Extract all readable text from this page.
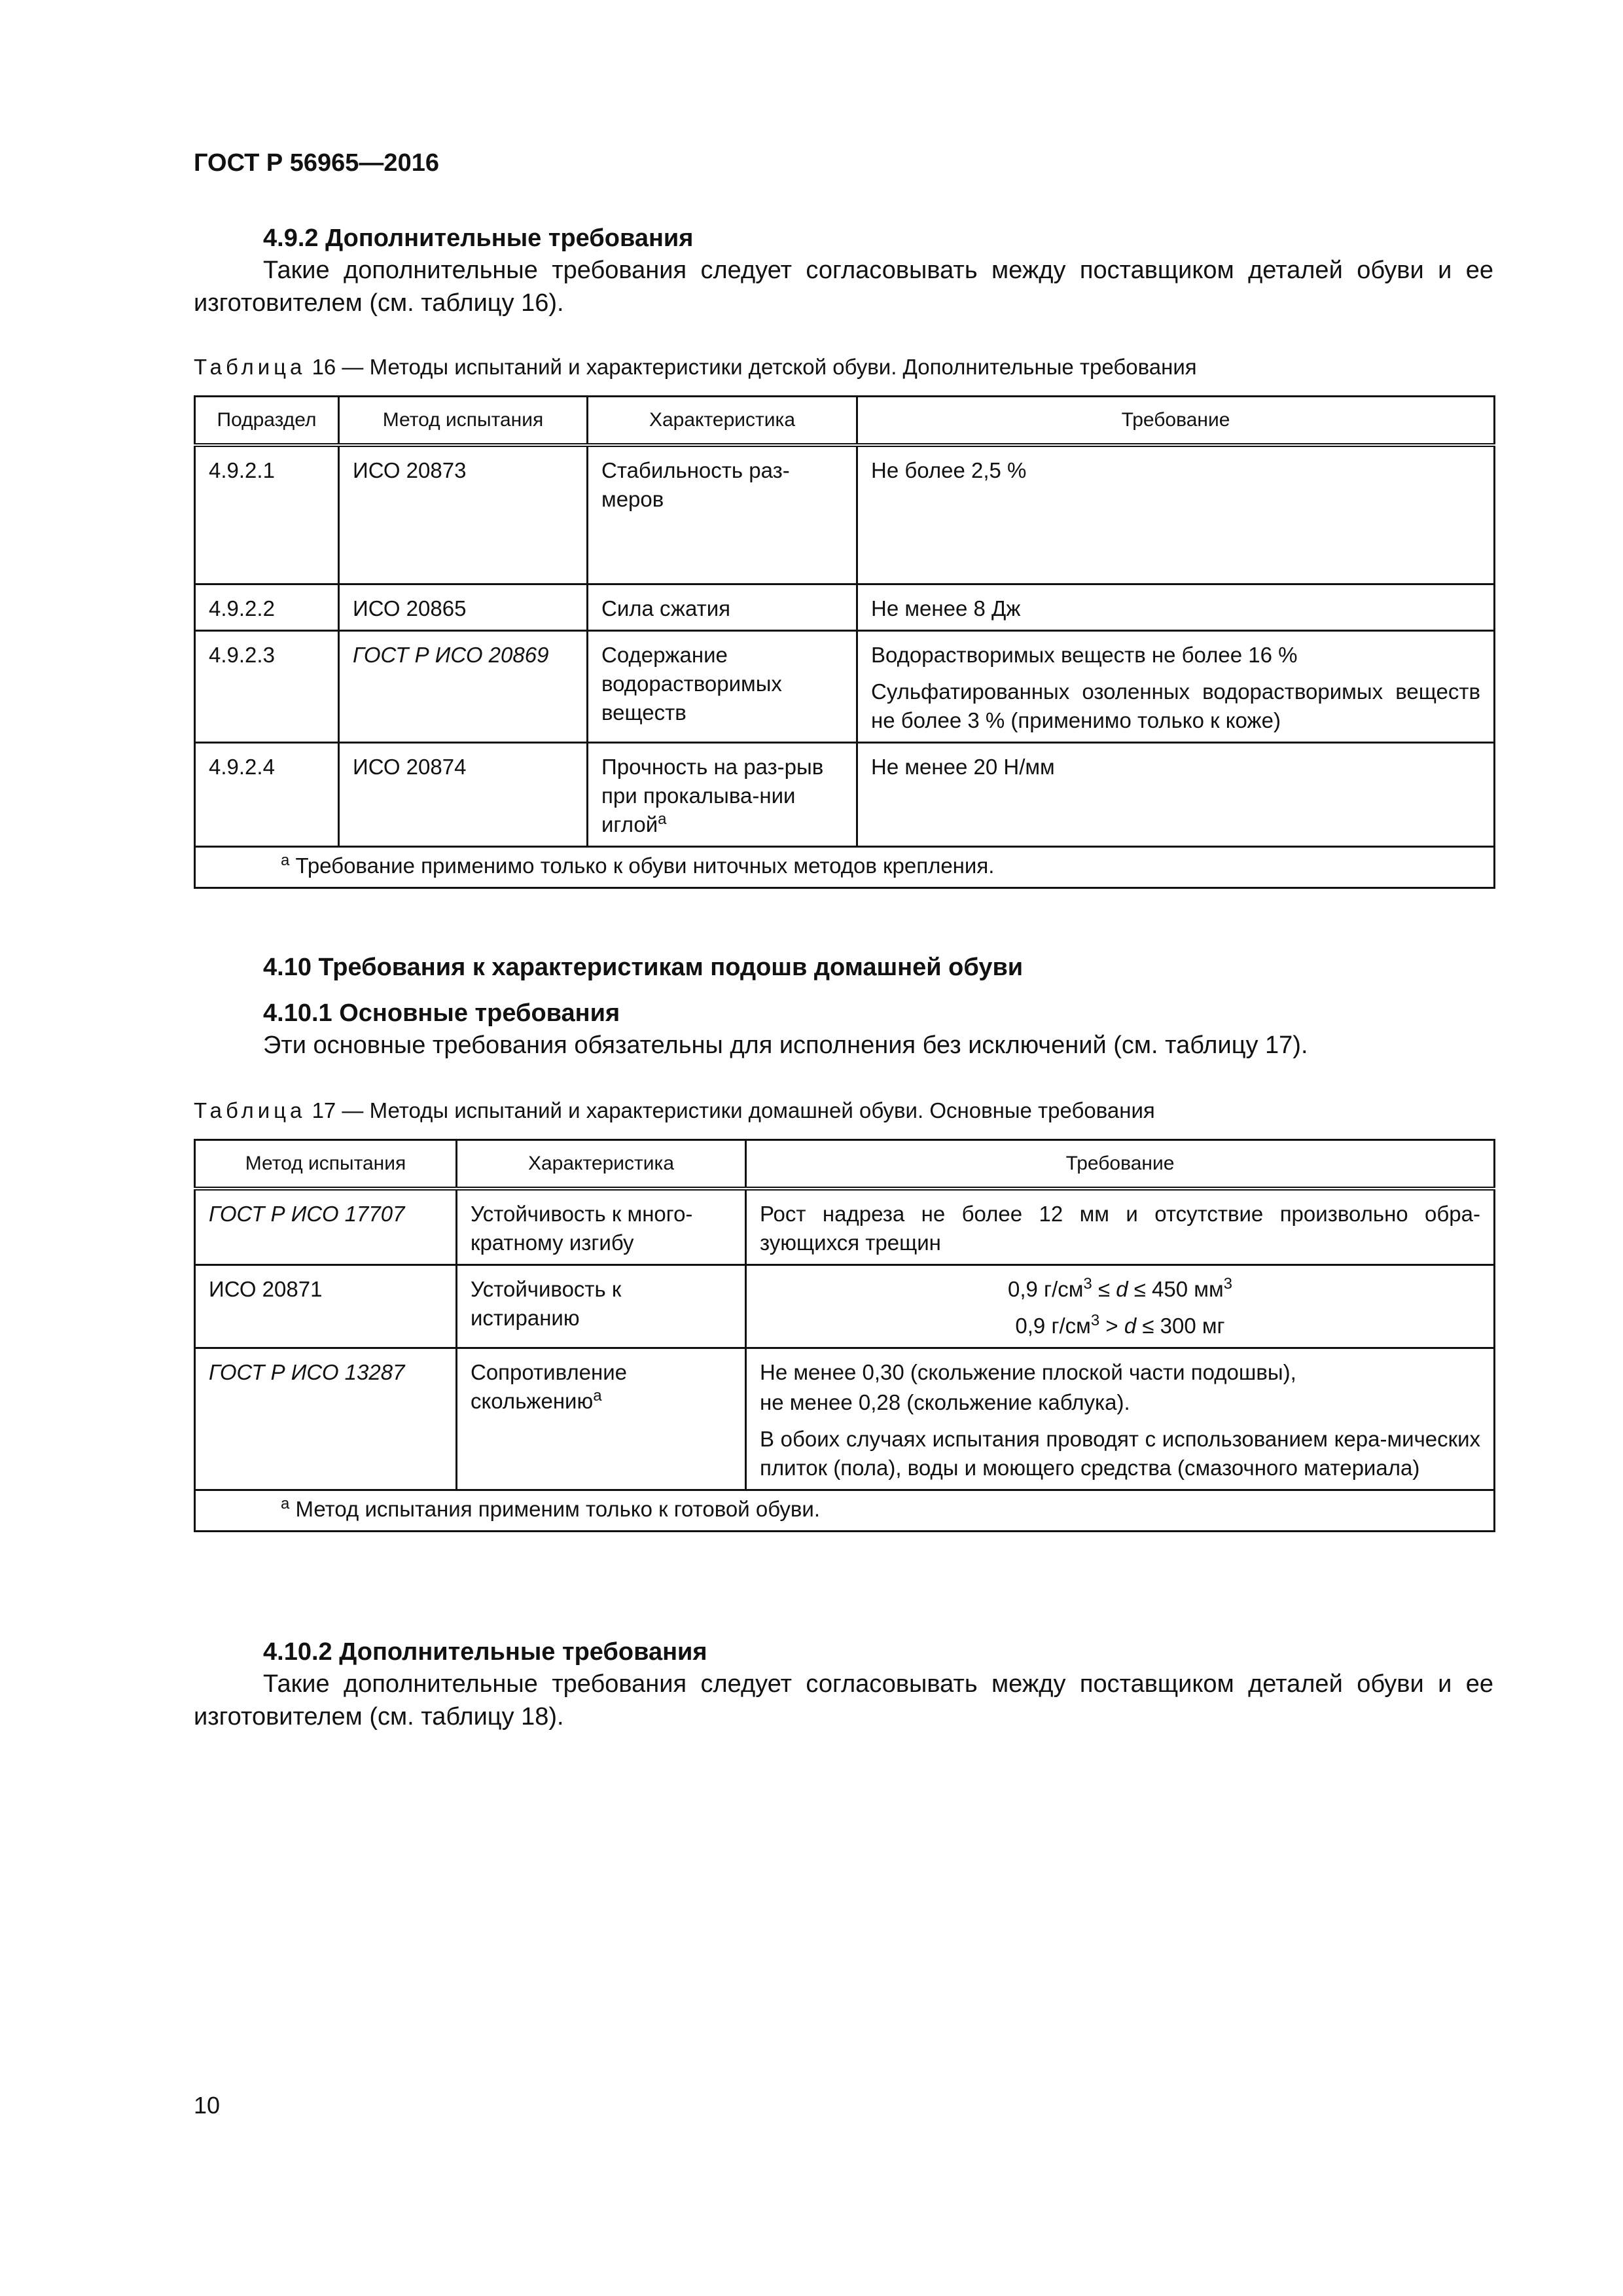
ГОСТ Р 56965—2016
4.9.2 Дополнительные требования
Такие дополнительные требования следует согласовывать между поставщиком деталей обуви и ее изготовителем (см. таблицу 16).
Таблица 16 — Методы испытаний и характеристики детской обуви. Дополнительные требования
Подраздел	Метод испытания	Характеристика	Требование
4.9.2.1	ИСО 20873	Стабильность раз-меров	Не более 2,5 %

4.9.2.2	ИСО 20865	Сила сжатия	Не менее 8 Дж

4.9.2.3	ГОСТ Р ИСО 20869	Содержание водорастворимых веществ	Водорастворимых веществ не более 16 %

Сульфатированных озоленных водорастворимых веществ не более 3 % (применимо только к коже)

4.9.2.4	ИСО 20874	Прочность на раз-рыв при прокалыва-нии иглой$^а$	Не менее 20 Н/мм

$^а$ Требование применимо только к обуви ниточных методов крепления.			
4.10 Требования к характеристикам подошв домашней обуви
4.10.1 Основные требования
Эти основные требования обязательны для исполнения без исключений (см. таблицу 17).
Таблица 17 — Методы испытаний и характеристики домашней обуви. Основные требования
Метод испытания	Характеристика	Требование
ГОСТ Р ИСО 17707	Устойчивость к много-кратному изгибу	Рост надреза не более 12 мм и отсутствие произвольно обра-зующихся трещин

ИСО 20871	Устойчивость к истиранию	0,9 $г/см^3 \le d \le 450$ $мм^3$

0,9 $г/см^3 > d \le 300$ мг

ГОСТ Р ИСО 13287	Сопротивление скольжению$^а$	Не менее 0,30 (скольжение плоской части подошвы),

не менее 0,28 (скольжение каблука).

В обоих случаях испытания проводят с использованием кера-мических плиток (пола), воды и моющего средства (смазочного материала)

$^а$ Метод испытания применим только к готовой обуви.		
4.10.2 Дополнительные требования
Такие дополнительные требования следует согласовывать между поставщиком деталей обуви и ее изготовителем (см. таблицу 18).
10
